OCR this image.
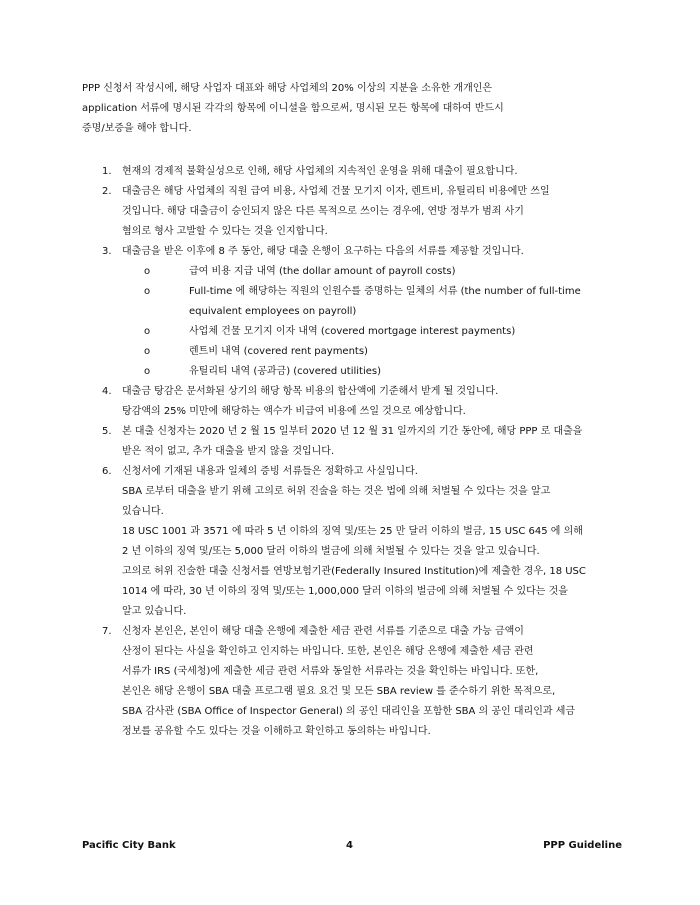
PPP 신청서 작성시에, 해당 사업자 대표와 해당 사업체의 20% 이상의 지분을 소유한 개개인은

application 서류에 명시된 각각의 항목에 이니셜을 함으로써, 명시된 모든 항목에 대하여 반드시

증명/보증을 해야 합니다.

1. 현재의 경제적 불확실성으로 인해, 해당 사업체의 지속적인 운영을 위해 대출이 필요합니다.
2. 대출금은 해당 사업체의 직원 급여 비용, 사업체 건물 모기지 이자, 렌트비, 유틸리티 비용에만 쓰일
것입니다. 해당 대출금이 승인되지 않은 다른 목적으로 쓰이는 경우에, 연방 정부가 범죄 사기
혐의로 형사 고발할 수 있다는 것을 인지합니다.
3. 대출금을 받은 이후에 8 주 동안, 해당 대출 은행이 요구하는 다음의 서류를 제공할 것입니다.
o	급여 비용 지급 내역 (the dollar amount of payroll costs)
o	Full-time 에 해당하는 직원의 인원수를 증명하는 일체의 서류 (the number of full-time
equivalent employees on payroll)
o	사업체 건물 모기지 이자 내역 (covered mortgage interest payments)
o	렌트비 내역 (covered rent payments)
o	유틸리티 내역 (공과금) (covered utilities)
4. 대출금 탕감은 문서화된 상기의 해당 항목 비용의 합산액에 기준해서 받게 될 것입니다.
탕감액의 25% 미만에 해당하는 액수가 비급여 비용에 쓰일 것으로 예상합니다.
5. 본 대출 신청자는 2020 년 2 월 15 일부터 2020 년 12 월 31 일까지의 기간 동안에, 해당 PPP 로 대출을
받은 적이 없고, 추가 대출을 받지 않을 것입니다.
6. 신청서에 기재된 내용과 일체의 증빙 서류들은 정확하고 사실입니다.
SBA 로부터 대출을 받기 위해 고의로 허위 진술을 하는 것은 법에 의해 처벌될 수 있다는 것을 알고
있습니다.
18 USC 1001 과 3571 에 따라 5 년 이하의 징역 및/또는 25 만 달러 이하의 벌금, 15 USC 645 에 의해
2 년 이하의 징역 및/또는 5,000 달러 이하의 벌금에 의해 처벌될 수 있다는 것을 알고 있습니다.
고의로 허위 진술한 대출 신청서를 연방보험기관(Federally Insured Institution)에 제출한 경우, 18 USC
1014 에 따라, 30 년 이하의 징역 및/또는 1,000,000 달러 이하의 벌금에 의해 처벌될 수 있다는 것을
알고 있습니다.
7. 신청자 본인은, 본인이 해당 대출 은행에 제출한 세금 관련 서류를 기준으로 대출 가능 금액이
산정이 된다는 사실을 확인하고 인지하는 바입니다. 또한, 본인은 해당 은행에 제출한 세금 관련
서류가 IRS (국세청)에 제출한 세금 관련 서류와 동일한 서류라는 것을 확인하는 바입니다. 또한,
본인은 해당 은행이 SBA 대출 프로그램 필요 요건 및 모든 SBA review 를 준수하기 위한 목적으로,
SBA 감사관 (SBA Office of Inspector General) 의 공인 대리인을 포함한 SBA 의 공인 대리인과 세금
정보를 공유할 수도 있다는 것을 이해하고 확인하고 동의하는 바입니다.
Pacific City Bank	4	PPP Guideline
